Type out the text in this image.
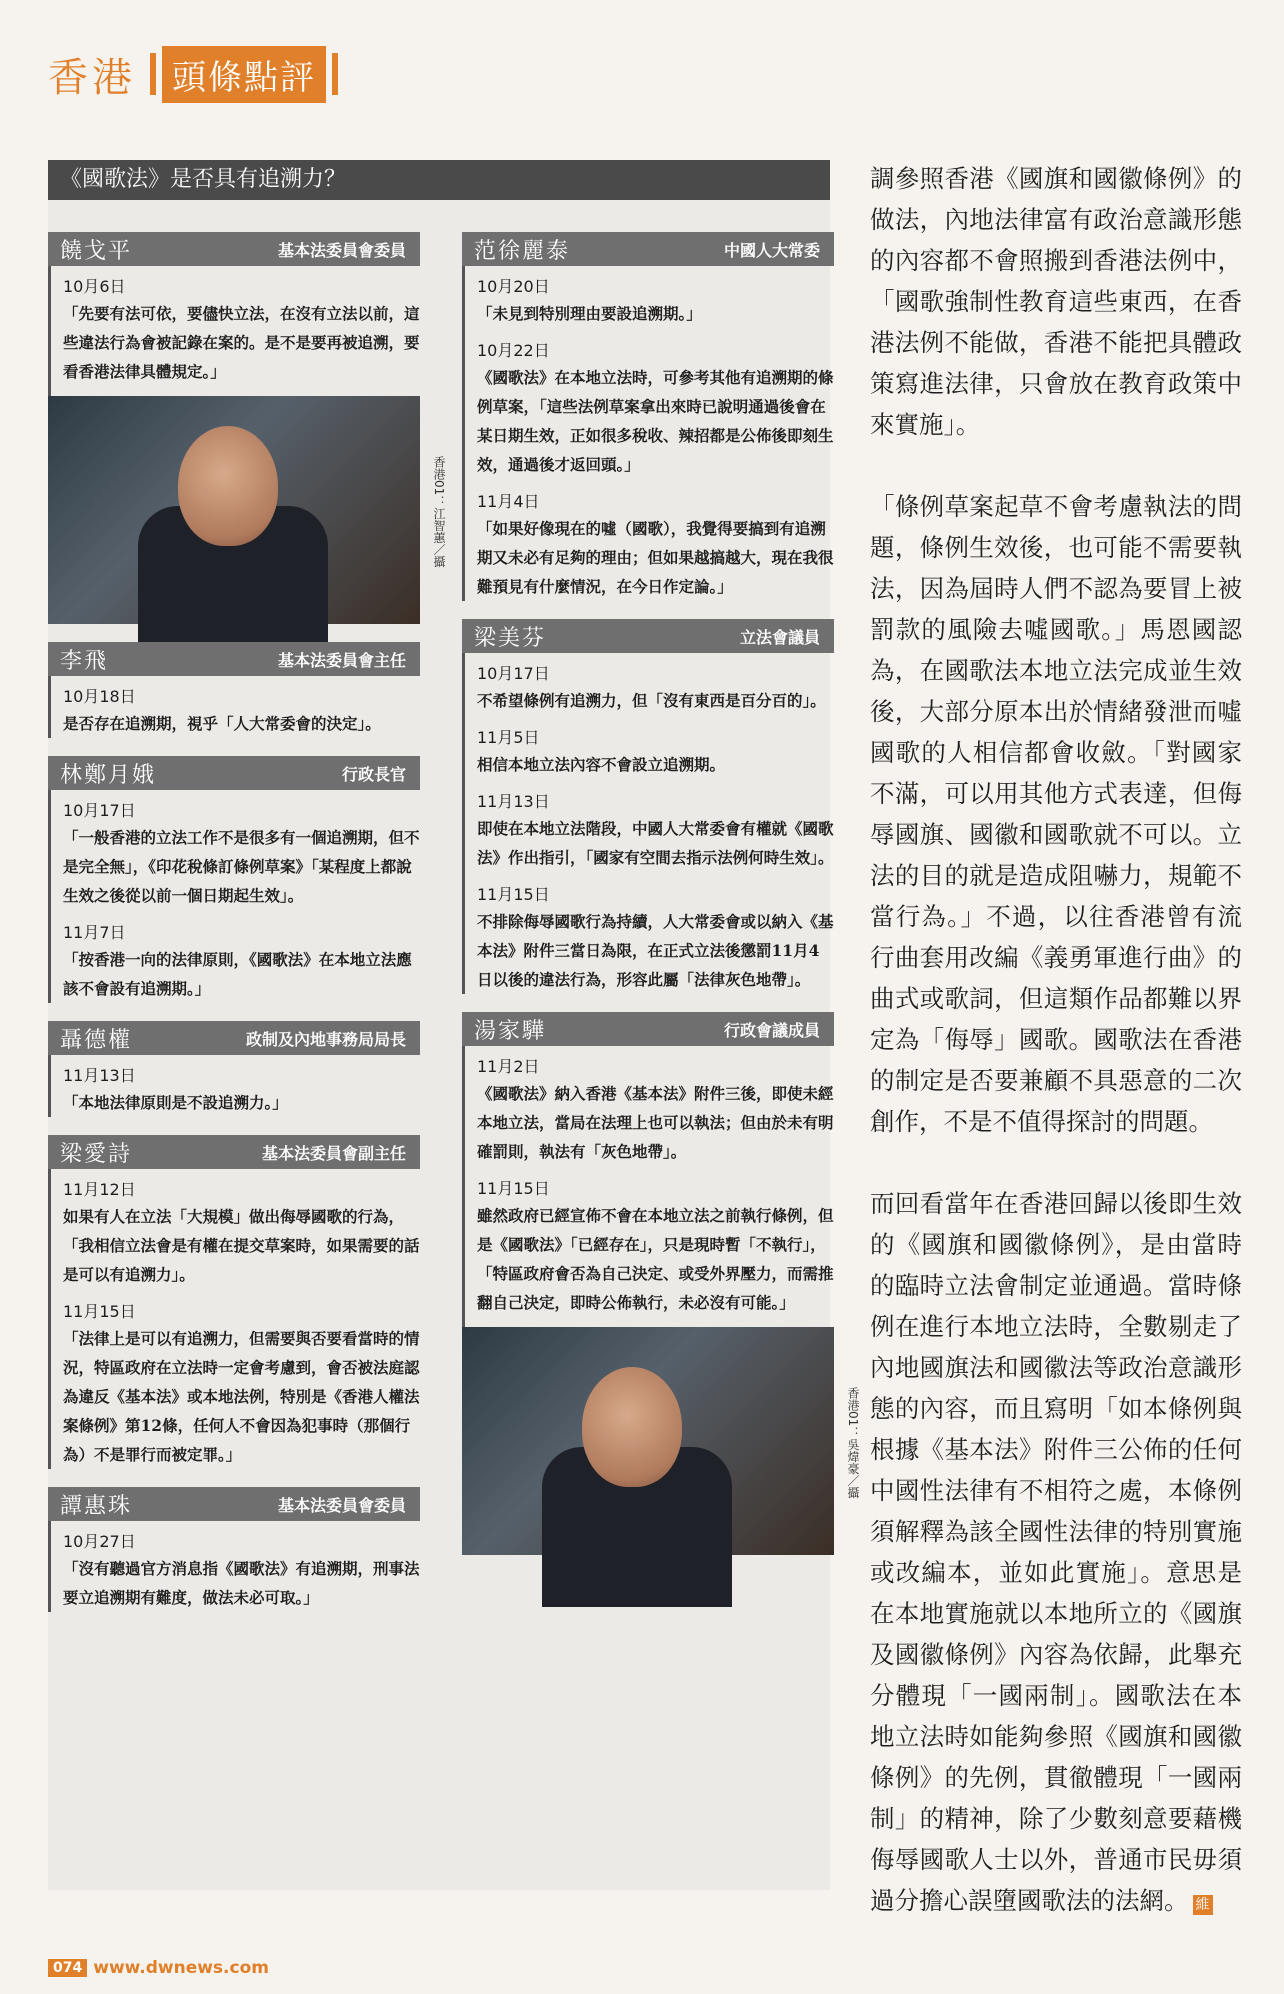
香港 頭條點評
《國歌法》是否具有追溯力？
饒戈平	基本法委員會委員
10月6日
「先要有法可依，要儘快立法，在沒有立法以前，這些違法行為會被記錄在案的。是不是要再被追溯，要看香港法律具體規定。」
香港01：江智蕙／攝
李飛	基本法委員會主任
10月18日
是否存在追溯期，視乎「人大常委會的決定」。
林鄭月娥	行政長官
10月17日
「一般香港的立法工作不是很多有一個追溯期，但不是完全無」，《印花稅條訂條例草案》「某程度上都說生效之後從以前一個日期起生效」。
11月7日
「按香港一向的法律原則，《國歌法》在本地立法應該不會設有追溯期。」
聶德權	政制及內地事務局局長
11月13日
「本地法律原則是不設追溯力。」
梁愛詩	基本法委員會副主任
11月12日
如果有人在立法「大規模」做出侮辱國歌的行為，「我相信立法會是有權在提交草案時，如果需要的話是可以有追溯力」。
11月15日
「法律上是可以有追溯力，但需要與否要看當時的情況，特區政府在立法時一定會考慮到，會否被法庭認為違反《基本法》或本地法例，特別是《香港人權法案條例》第12條，任何人不會因為犯事時（那個行為）不是罪行而被定罪。」
譚惠珠	基本法委員會委員
10月27日
「沒有聽過官方消息指《國歌法》有追溯期，刑事法要立追溯期有難度，做法未必可取。」
范徐麗泰	中國人大常委
10月20日
「未見到特別理由要設追溯期。」
10月22日
《國歌法》在本地立法時，可參考其他有追溯期的條例草案，「這些法例草案拿出來時已說明通過後會在某日期生效，正如很多稅收、辣招都是公佈後即刻生效，通過後才返回頭。」
11月4日
「如果好像現在的噓（國歌），我覺得要搞到有追溯期又未必有足夠的理由；但如果越搞越大，現在我很難預見有什麼情況，在今日作定論。」
梁美芬	立法會議員
10月17日
不希望條例有追溯力，但「沒有東西是百分百的」。
11月5日
相信本地立法內容不會設立追溯期。
11月13日
即使在本地立法階段，中國人大常委會有權就《國歌法》作出指引，「國家有空間去指示法例何時生效」。
11月15日
不排除侮辱國歌行為持續，人大常委會或以納入《基本法》附件三當日為限，在正式立法後懲罰11月4日以後的違法行為，形容此屬「法律灰色地帶」。
湯家驊	行政會議成員
11月2日
《國歌法》納入香港《基本法》附件三後，即使未經本地立法，當局在法理上也可以執法；但由於未有明確罰則，執法有「灰色地帶」。
11月15日
雖然政府已經宣佈不會在本地立法之前執行條例，但是《國歌法》「已經存在」，只是現時暫「不執行」，「特區政府會否為自己決定、或受外界壓力，而需推翻自己決定，即時公佈執行，未必沒有可能。」
香港01：吳煒豪／攝

調參照香港《國旗和國徽條例》的做法，內地法律富有政治意識形態的內容都不會照搬到香港法例中，「國歌強制性教育這些東西，在香港法例不能做，香港不能把具體政策寫進法律，只會放在教育政策中來實施」。

「條例草案起草不會考慮執法的問題，條例生效後，也可能不需要執法，因為屆時人們不認為要冒上被罰款的風險去噓國歌。」馬恩國認為，在國歌法本地立法完成並生效後，大部分原本出於情緒發泄而噓國歌的人相信都會收斂。「對國家不滿，可以用其他方式表達，但侮辱國旗、國徽和國歌就不可以。立法的目的就是造成阻嚇力，規範不當行為。」不過，以往香港曾有流行曲套用改編《義勇軍進行曲》的曲式或歌詞，但這類作品都難以界定為「侮辱」國歌。國歌法在香港的制定是否要兼顧不具惡意的二次創作，不是不值得探討的問題。

而回看當年在香港回歸以後即生效的《國旗和國徽條例》，是由當時的臨時立法會制定並通過。當時條例在進行本地立法時，全數剔走了內地國旗法和國徽法等政治意識形態的內容，而且寫明「如本條例與根據《基本法》附件三公佈的任何中國性法律有不相符之處，本條例須解釋為該全國性法律的特別實施或改編本，並如此實施」。意思是在本地實施就以本地所立的《國旗及國徽條例》內容為依歸，此舉充分體現「一國兩制」。國歌法在本地立法時如能夠參照《國旗和國徽條例》的先例，貫徹體現「一國兩制」的精神，除了少數刻意要藉機侮辱國歌人士以外，普通市民毋須過分擔心誤墮國歌法的法網。 維

074 www.dwnews.com
